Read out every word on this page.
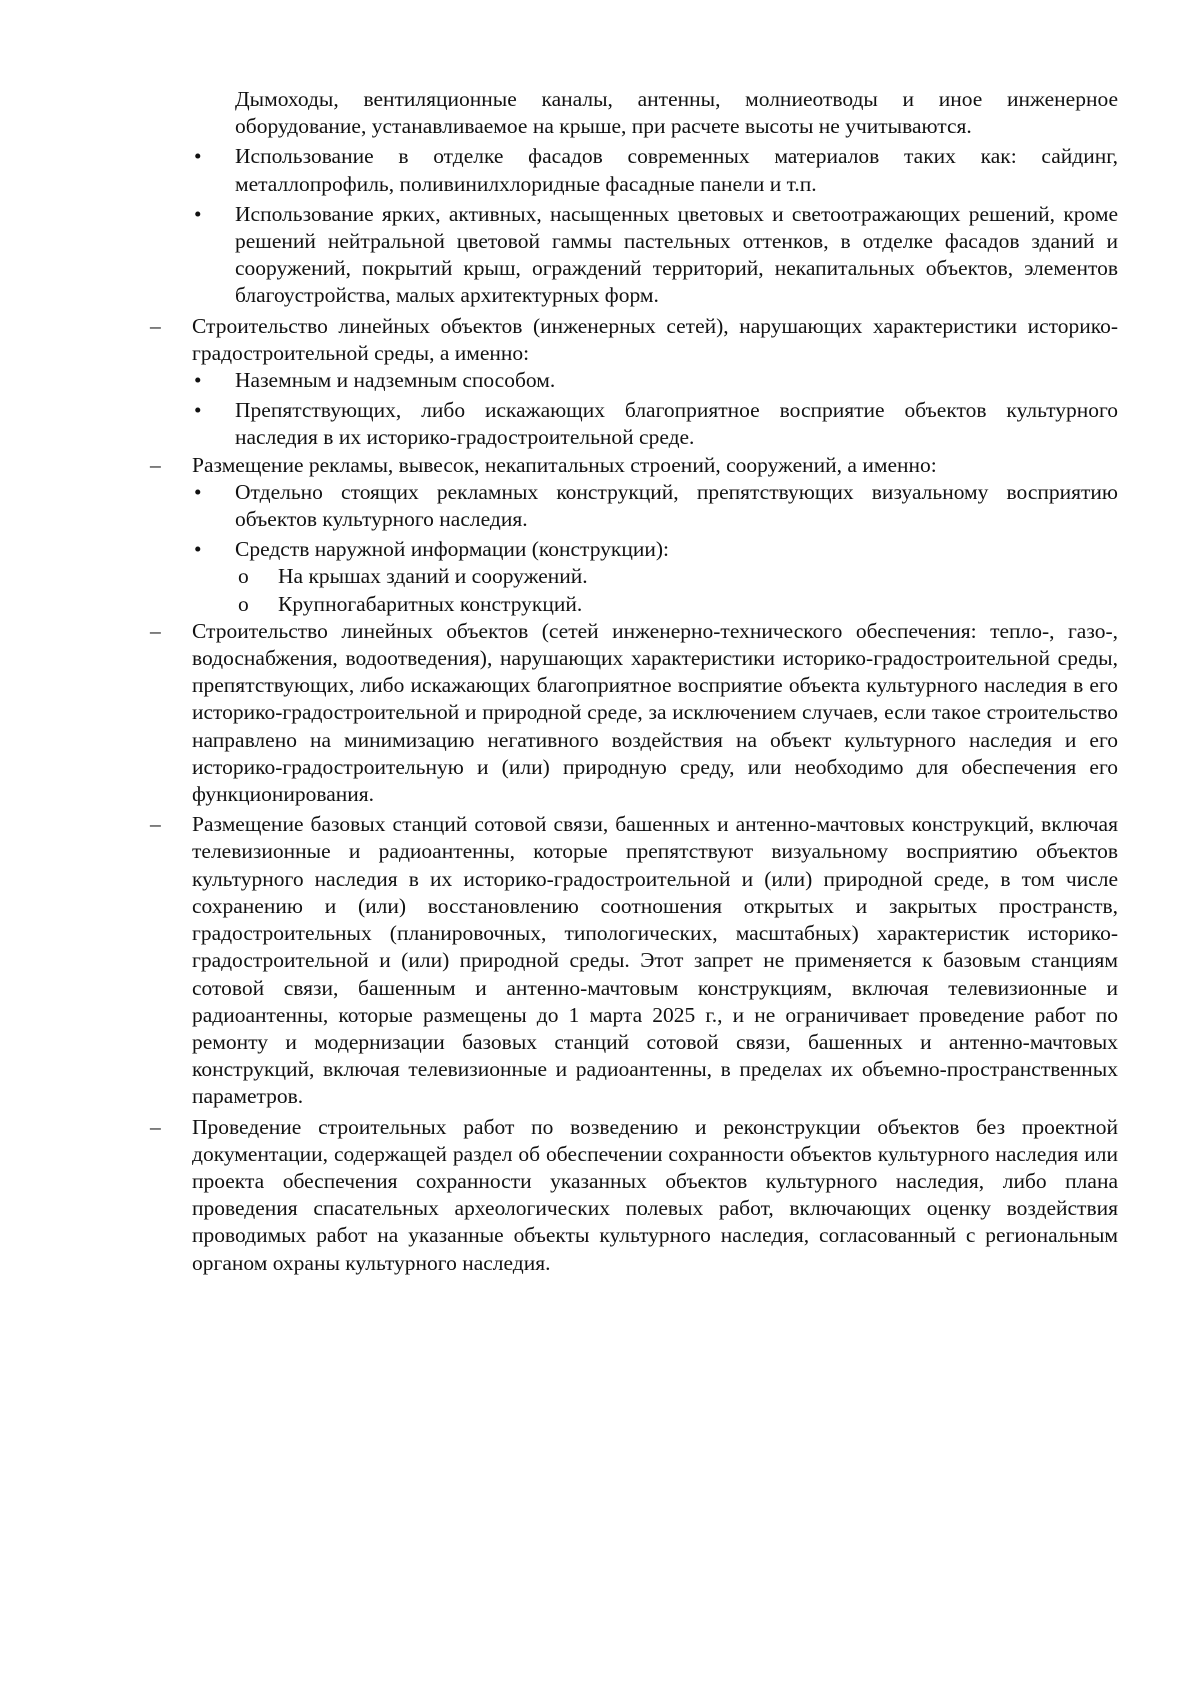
Дымоходы, вентиляционные каналы, антенны, молниеотводы и иное инженерное оборудование, устанавливаемое на крыше, при расчете высоты не учитываются.
•	Использование в отделке фасадов современных материалов таких как: сайдинг, металлопрофиль, поливинилхлоридные фасадные панели и т.п.
•	Использование ярких, активных, насыщенных цветовых и светоотражающих решений, кроме решений нейтральной цветовой гаммы пастельных оттенков, в отделке фасадов зданий и сооружений, покрытий крыш, ограждений территорий, некапитальных объектов, элементов благоустройства, малых архитектурных форм.
–	Строительство линейных объектов (инженерных сетей), нарушающих характеристики историко-градостроительной среды, а именно:
•	Наземным и надземным способом.
•	Препятствующих, либо искажающих благоприятное восприятие объектов культурного наследия в их историко-градостроительной среде.
–	Размещение рекламы, вывесок, некапитальных строений, сооружений, а именно:
•	Отдельно стоящих рекламных конструкций, препятствующих визуальному восприятию объектов культурного наследия.
•	Средств наружной информации (конструкции):
o	На крышах зданий и сооружений.
o	Крупногабаритных конструкций.
–	Строительство линейных объектов (сетей инженерно-технического обеспечения: тепло-, газо-, водоснабжения, водоотведения), нарушающих характеристики историко-градостроительной среды, препятствующих, либо искажающих благоприятное восприятие объекта культурного наследия в его историко-градостроительной и природной среде, за исключением случаев, если такое строительство направлено на минимизацию негативного воздействия на объект культурного наследия и его историко-градостроительную и (или) природную среду, или необходимо для обеспечения его функционирования.
–	Размещение базовых станций сотовой связи, башенных и антенно-мачтовых конструкций, включая телевизионные и радиоантенны, которые препятствуют визуальному восприятию объектов культурного наследия в их историко-градостроительной и (или) природной среде, в том числе сохранению и (или) восстановлению соотношения открытых и закрытых пространств, градостроительных (планировочных, типологических, масштабных) характеристик историко-градостроительной и (или) природной среды. Этот запрет не применяется к базовым станциям сотовой связи, башенным и антенно-мачтовым конструкциям, включая телевизионные и радиоантенны, которые размещены до 1 марта 2025 г., и не ограничивает проведение работ по ремонту и модернизации базовых станций сотовой связи, башенных и антенно-мачтовых конструкций, включая телевизионные и радиоантенны, в пределах их объемно-пространственных параметров.
–	Проведение строительных работ по возведению и реконструкции объектов без проектной документации, содержащей раздел об обеспечении сохранности объектов культурного наследия или проекта обеспечения сохранности указанных объектов культурного наследия, либо плана проведения спасательных археологических полевых работ, включающих оценку воздействия проводимых работ на указанные объекты культурного наследия, согласованный с региональным органом охраны культурного наследия.
